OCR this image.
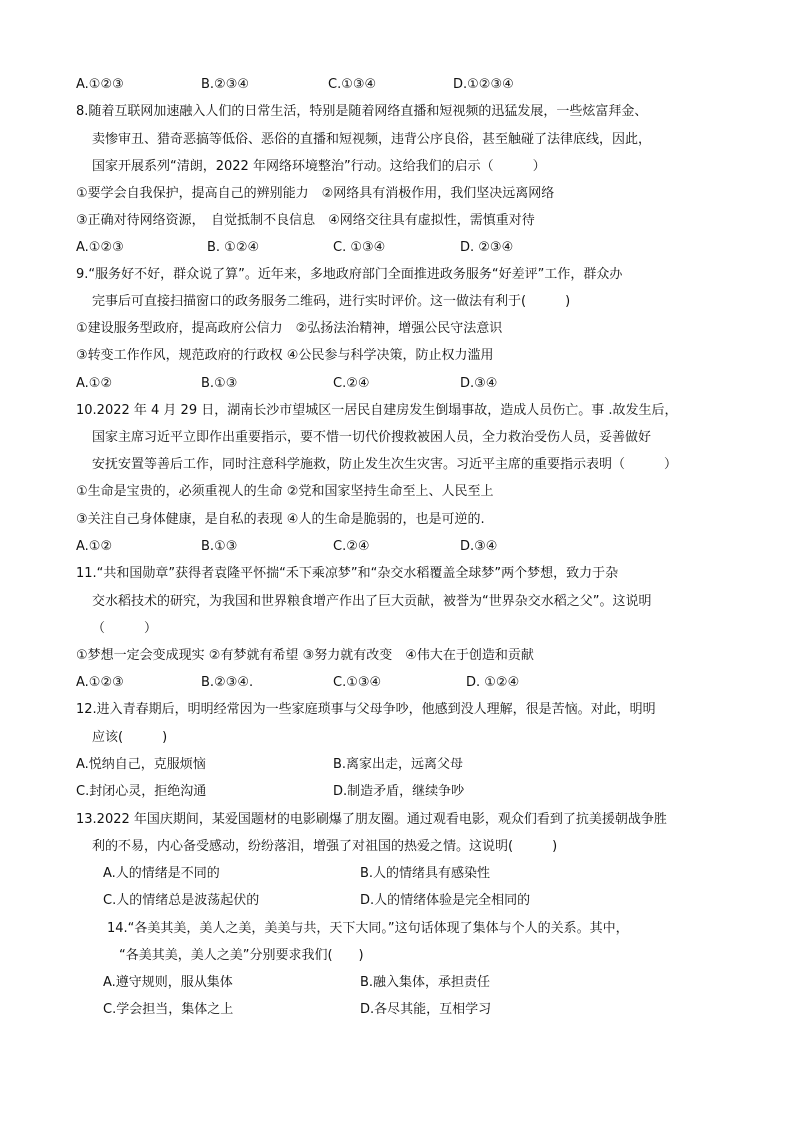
A.①②③	B.②③④	C.①③④	D.①②③④
8.随着互联网加速融入人们的日常生活，特别是随着网络直播和短视频的迅猛发展，一些炫富拜金、
卖惨审丑、猎奇恶搞等低俗、恶俗的直播和短视频，违背公序良俗，甚至触碰了法律底线，因此，
国家开展系列“清朗，2022 年网络环境整治”行动。这给我们的启示（　　　）
①要学会自我保护，提高自己的辨别能力　②网络具有消极作用，我们坚决远离网络
③正确对待网络资源，　自觉抵制不良信息　④网络交往具有虚拟性，需慎重对待
A.①②③	B. ①②④	C. ①③④	D. ②③④
9.“服务好不好，群众说了算”。近年来，多地政府部门全面推进政务服务“好差评”工作，群众办
完事后可直接扫描窗口的政务服务二维码，进行实时评价。这一做法有利于(　　　)
①建设服务型政府，提高政府公信力　②弘扬法治精神，增强公民守法意识
③转变工作作风，规范政府的行政权 ④公民参与科学决策，防止权力滥用
A.①②	B.①③	C.②④	D.③④
10.2022 年 4 月 29 日，湖南长沙市望城区一居民自建房发生倒塌事故，造成人员伤亡。事 .故发生后，
国家主席习近平立即作出重要指示，要不惜一切代价搜救被困人员，全力救治受伤人员，妥善做好
安抚安置等善后工作，同时注意科学施救，防止发生次生灾害。习近平主席的重要指示表明（　　　）
①生命是宝贵的，必须重视人的生命 ②党和国家坚持生命至上、人民至上
③关注自己身体健康，是自私的表现 ④人的生命是脆弱的，也是可逆的.
A.①②	B.①③	C.②④	D.③④
11.“共和国勋章”获得者袁隆平怀揣“禾下乘凉梦”和“杂交水稻覆盖全球梦”两个梦想，致力于杂
交水稻技术的研究，为我国和世界粮食增产作出了巨大贡献，被誉为“世界杂交水稻之父”。这说明
（　　　）
①梦想一定会变成现实 ②有梦就有希望 ③努力就有改变　④伟大在于创造和贡献
A.①②③	B.②③④.	C.①③④	D. ①②④
12.进入青春期后，明明经常因为一些家庭琐事与父母争吵，他感到没人理解，很是苦恼。对此，明明
应该(　　　)
A.悦纳自己，克服烦恼	B.离家出走，远离父母
C.封闭心灵，拒绝沟通	D.制造矛盾，继续争吵
13.2022 年国庆期间，某爱国题材的电影刷爆了朋友圈。通过观看电影，观众们看到了抗美援朝战争胜
利的不易，内心备受感动，纷纷落泪，增强了对祖国的热爱之情。这说明(　　　)
A.人的情绪是不同的	B.人的情绪具有感染性
C.人的情绪总是波荡起伏的	D.人的情绪体验是完全相同的
14.“各美其美，美人之美，美美与共，天下大同。”这句话体现了集体与个人的关系。其中，
“各美其美，美人之美”分别要求我们(　　)
A.遵守规则，服从集体	B.融入集体，承担责任
C.学会担当，集体之上	D.各尽其能，互相学习
